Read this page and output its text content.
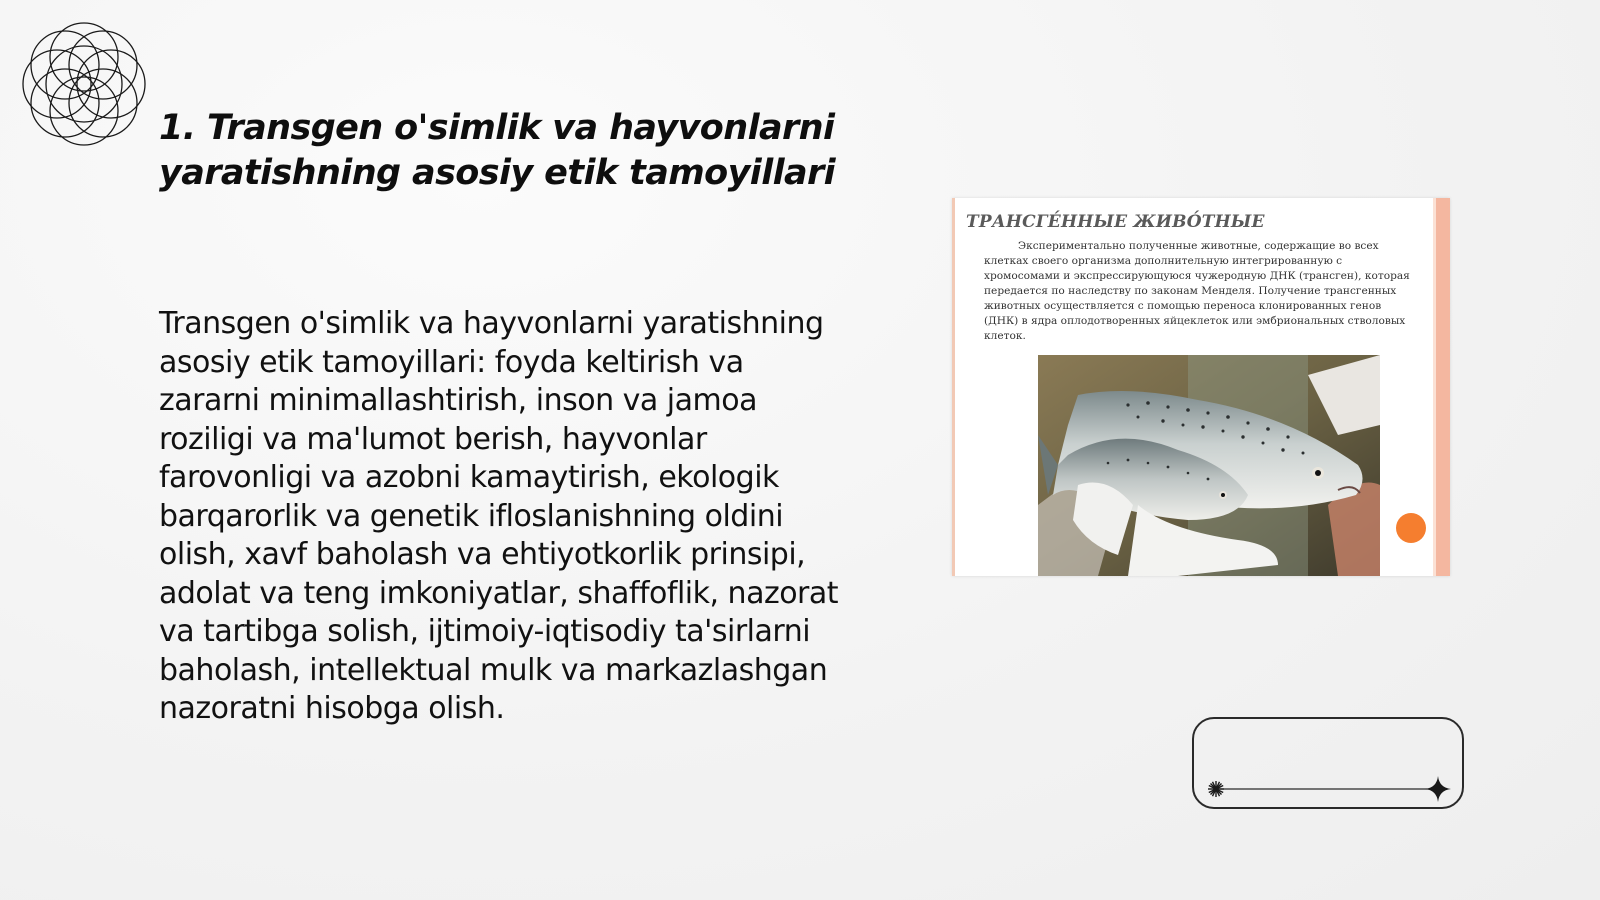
1. Transgen o'simlik va hayvonlarni
yaratishning asosiy etik tamoyillari

Transgen o'simlik va hayvonlarni yaratishning asosiy etik tamoyillari: foyda keltirish va zararni minimallashtirish, inson va jamoa roziligi va ma'lumot berish, hayvonlar farovonligi va azobni kamaytirish, ekologik barqarorlik va genetik ifloslanishning oldini olish, xavf baholash va ehtiyotkorlik prinsipi, adolat va teng imkoniyatlar, shaffoflik, nazorat va tartibga solish, ijtimoiy-iqtisodiy ta'sirlarni baholash, intellektual mulk va markazlashgan nazoratni hisobga olish.

ТРАНСГЕ́ННЫЕ ЖИВО́ТНЫЕ

Экспериментально полученные животные, содержащие во всех клетках своего организма дополнительную интегрированную с хромосомами и экспрессирующуюся чужеродную ДНК (трансген), которая передается по наследству по законам Менделя. Получение трансгенных животных осуществляется с помощью переноса клонированных генов (ДНК) в ядра оплодотворенных яйцеклеток или эмбриональных стволовых клеток.
